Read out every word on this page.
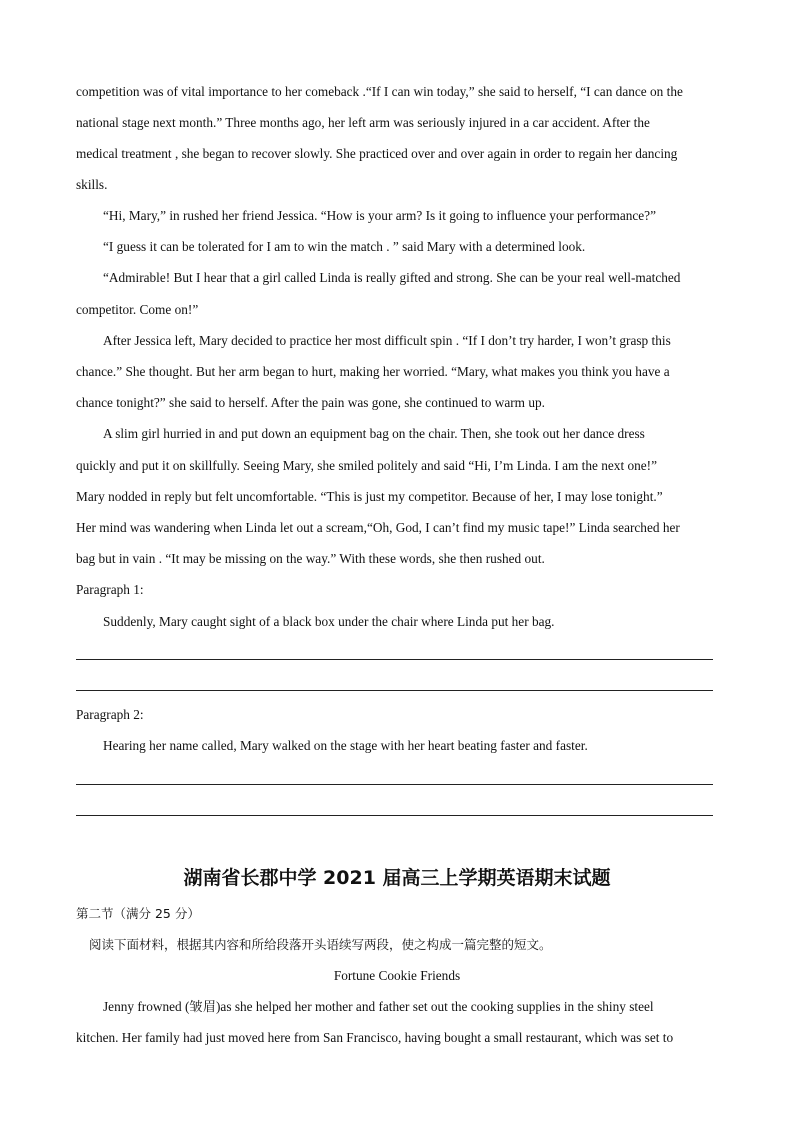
competition was of vital importance to her comeback .“If I can win today,” she said to herself, “I can dance on the
national stage next month.” Three months ago, her left arm was seriously injured in a car accident. After the
medical treatment , she began to recover slowly. She practiced over and over again in order to regain her dancing
skills.
“Hi, Mary,” in rushed her friend Jessica. “How is your arm? Is it going to influence your performance?”
“I guess it can be tolerated for I am to win the match . ” said Mary with a determined look.
“Admirable! But I hear that a girl called Linda is really gifted and strong. She can be your real well-matched
competitor. Come on!”
After Jessica left, Mary decided to practice her most difficult spin . “If I don’t try harder, I won’t grasp this
chance.” She thought. But her arm began to hurt, making her worried. “Mary, what makes you think you have a
chance tonight?” she said to herself. After the pain was gone, she continued to warm up.
A slim girl hurried in and put down an equipment bag on the chair. Then, she took out her dance dress
quickly and put it on skillfully. Seeing Mary, she smiled politely and said “Hi, I’m Linda. I am the next one!”
Mary nodded in reply but felt uncomfortable. “This is just my competitor. Because of her, I may lose tonight.”
Her mind was wandering when Linda let out a scream,“Oh, God, I can’t find my music tape!” Linda searched her
bag but in vain . “It may be missing on the way.” With these words, she then rushed out.
Paragraph 1:
Suddenly, Mary caught sight of a black box under the chair where Linda put her bag.
Paragraph 2:
Hearing her name called, Mary walked on the stage with her heart beating faster and faster.
湖南省长郡中学 2021 届高三上学期英语期末试题
第二节（满分 25 分）
阅读下面材料，根据其内容和所给段落开头语续写两段，使之构成一篇完整的短文。
Fortune Cookie Friends
Jenny frowned (皱眉)as she helped her mother and father set out the cooking supplies in the shiny steel
kitchen. Her family had just moved here from San Francisco, having bought a small restaurant, which was set to
